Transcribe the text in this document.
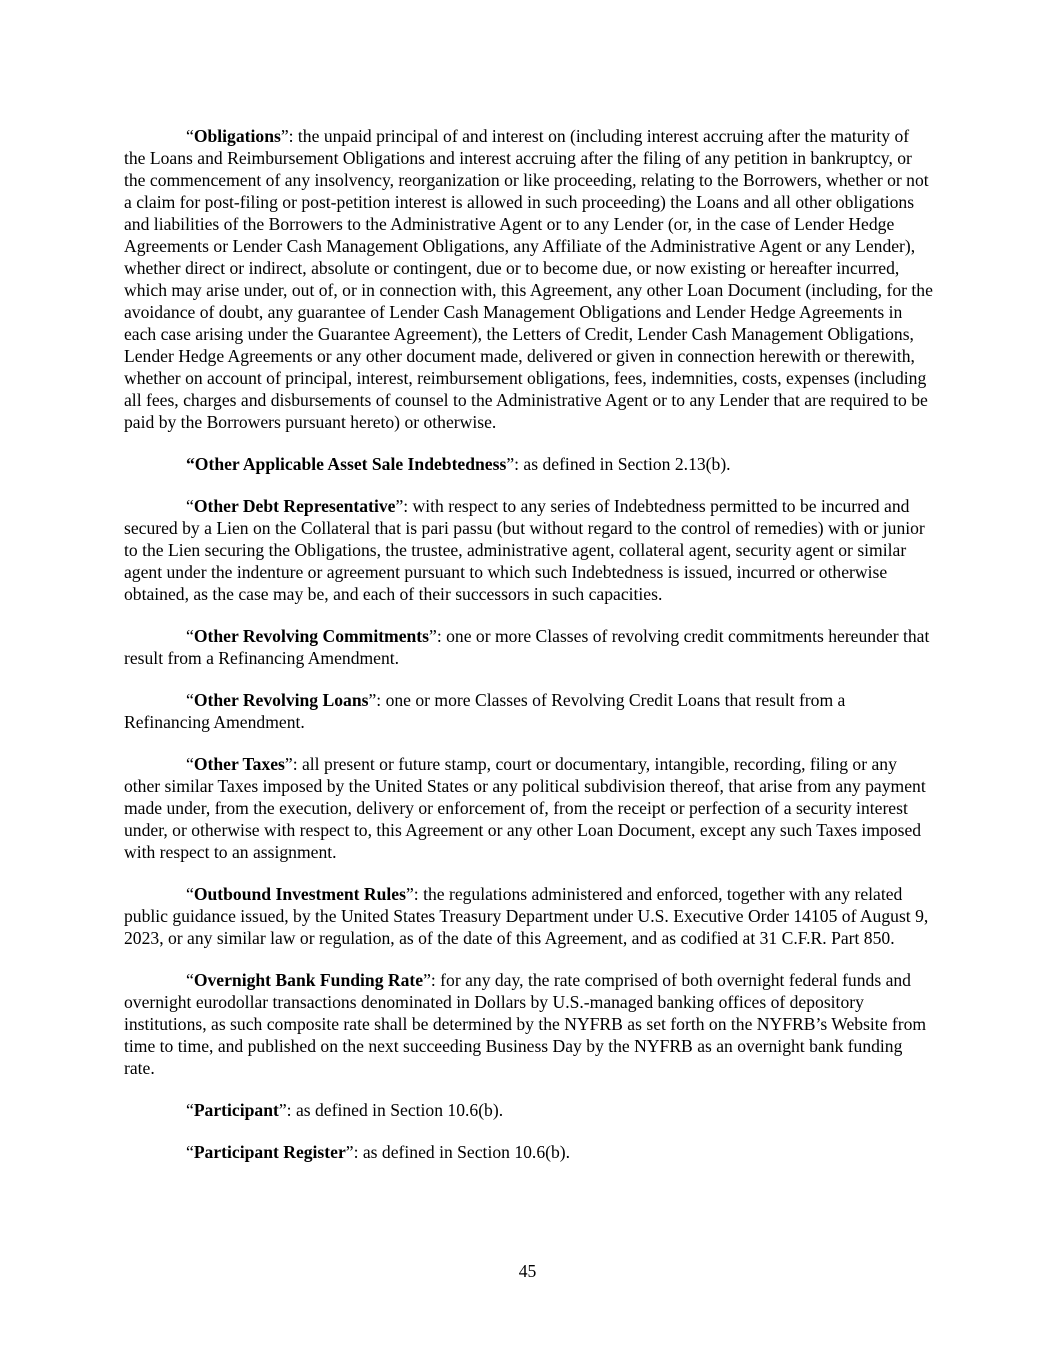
“Obligations”: the unpaid principal of and interest on (including interest accruing after the maturity of the Loans and Reimbursement Obligations and interest accruing after the filing of any petition in bankruptcy, or the commencement of any insolvency, reorganization or like proceeding, relating to the Borrowers, whether or not a claim for post-filing or post-petition interest is allowed in such proceeding) the Loans and all other obligations and liabilities of the Borrowers to the Administrative Agent or to any Lender (or, in the case of Lender Hedge Agreements or Lender Cash Management Obligations, any Affiliate of the Administrative Agent or any Lender), whether direct or indirect, absolute or contingent, due or to become due, or now existing or hereafter incurred, which may arise under, out of, or in connection with, this Agreement, any other Loan Document (including, for the avoidance of doubt, any guarantee of Lender Cash Management Obligations and Lender Hedge Agreements in each case arising under the Guarantee Agreement), the Letters of Credit, Lender Cash Management Obligations, Lender Hedge Agreements or any other document made, delivered or given in connection herewith or therewith, whether on account of principal, interest, reimbursement obligations, fees, indemnities, costs, expenses (including all fees, charges and disbursements of counsel to the Administrative Agent or to any Lender that are required to be paid by the Borrowers pursuant hereto) or otherwise.

“Other Applicable Asset Sale Indebtedness”: as defined in Section 2.13(b).

“Other Debt Representative”: with respect to any series of Indebtedness permitted to be incurred and secured by a Lien on the Collateral that is pari passu (but without regard to the control of remedies) with or junior to the Lien securing the Obligations, the trustee, administrative agent, collateral agent, security agent or similar agent under the indenture or agreement pursuant to which such Indebtedness is issued, incurred or otherwise obtained, as the case may be, and each of their successors in such capacities.

“Other Revolving Commitments”: one or more Classes of revolving credit commitments hereunder that result from a Refinancing Amendment.

“Other Revolving Loans”: one or more Classes of Revolving Credit Loans that result from a Refinancing Amendment.

“Other Taxes”: all present or future stamp, court or documentary, intangible, recording, filing or any other similar Taxes imposed by the United States or any political subdivision thereof, that arise from any payment made under, from the execution, delivery or enforcement of, from the receipt or perfection of a security interest under, or otherwise with respect to, this Agreement or any other Loan Document, except any such Taxes imposed with respect to an assignment.

“Outbound Investment Rules”: the regulations administered and enforced, together with any related public guidance issued, by the United States Treasury Department under U.S. Executive Order 14105 of August 9, 2023, or any similar law or regulation, as of the date of this Agreement, and as codified at 31 C.F.R. Part 850.

“Overnight Bank Funding Rate”: for any day, the rate comprised of both overnight federal funds and overnight eurodollar transactions denominated in Dollars by U.S.-managed banking offices of depository institutions, as such composite rate shall be determined by the NYFRB as set forth on the NYFRB’s Website from time to time, and published on the next succeeding Business Day by the NYFRB as an overnight bank funding rate.

“Participant”: as defined in Section 10.6(b).

“Participant Register”: as defined in Section 10.6(b).

45
